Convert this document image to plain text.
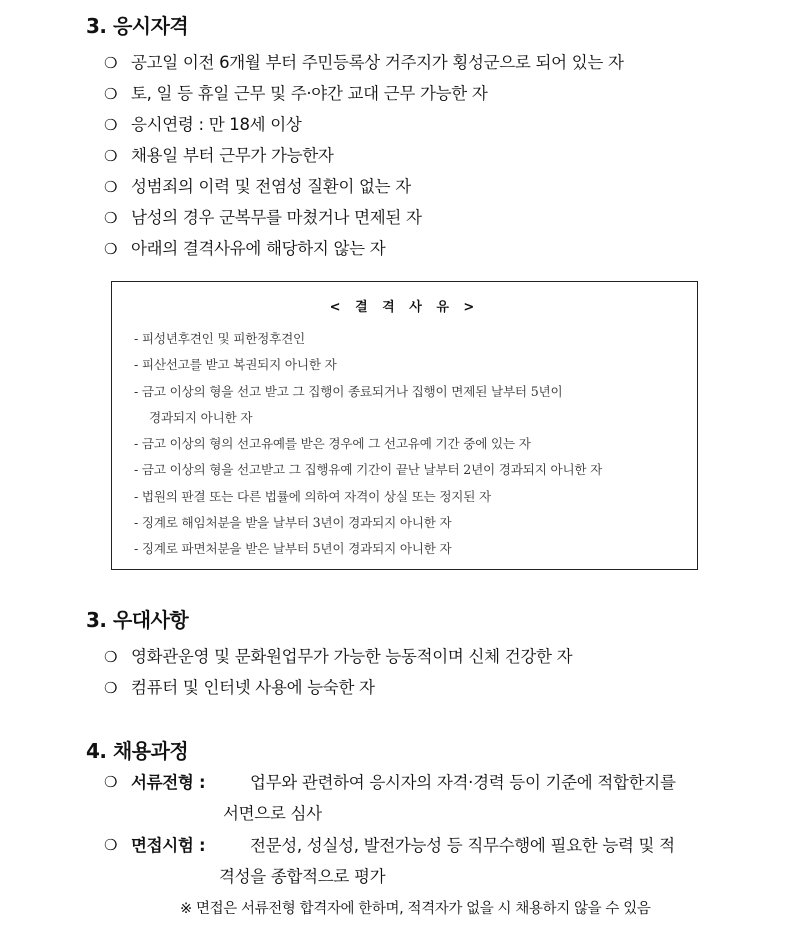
3. 응시자격
❍ 공고일 이전 6개월 부터 주민등록상 거주지가 횡성군으로 되어 있는 자
❍ 토, 일 등 휴일 근무 및 주·야간 교대 근무 가능한 자
❍ 응시연령 : 만 18세 이상
❍ 채용일 부터 근무가 가능한자
❍ 성범죄의 이력 및 전염성 질환이 없는 자
❍ 남성의 경우 군복무를 마쳤거나 면제된 자
❍ 아래의 결격사유에 해당하지 않는 자

< 결 격 사 유 >

- 피성년후견인 및 피한정후견인
- 피산선고를 받고 복권되지 아니한 자
- 금고 이상의 형을 선고 받고 그 집행이 종료되거나 집행이 면제된 날부터 5년이
경과되지 아니한 자
- 금고 이상의 형의 선고유예를 받은 경우에 그 선고유예 기간 중에 있는 자
- 금고 이상의 형을 선고받고 그 집행유예 기간이 끝난 날부터 2년이 경과되지 아니한 자
- 법원의 판결 또는 다른 법률에 의하여 자격이 상실 또는 정지된 자
- 징계로 해임처분을 받을 날부터 3년이 경과되지 아니한 자
- 징계로 파면처분을 받은 날부터 5년이 경과되지 아니한 자
3. 우대사항
❍ 영화관운영 및 문화원업무가 가능한 능동적이며 신체 건강한 자
❍ 컴퓨터 및 인터넷 사용에 능숙한 자
4. 채용과정
❍ 서류전형 :	업무와 관련하여 응시자의 자격·경력 등이 기준에 적합한지를
서면으로 심사
❍ 면접시험 :	전문성, 성실성, 발전가능성 등 직무수행에 필요한 능력 및 적
격성을 종합적으로 평가
※ 면접은 서류전형 합격자에 한하며, 적격자가 없을 시 채용하지 않을 수 있음
